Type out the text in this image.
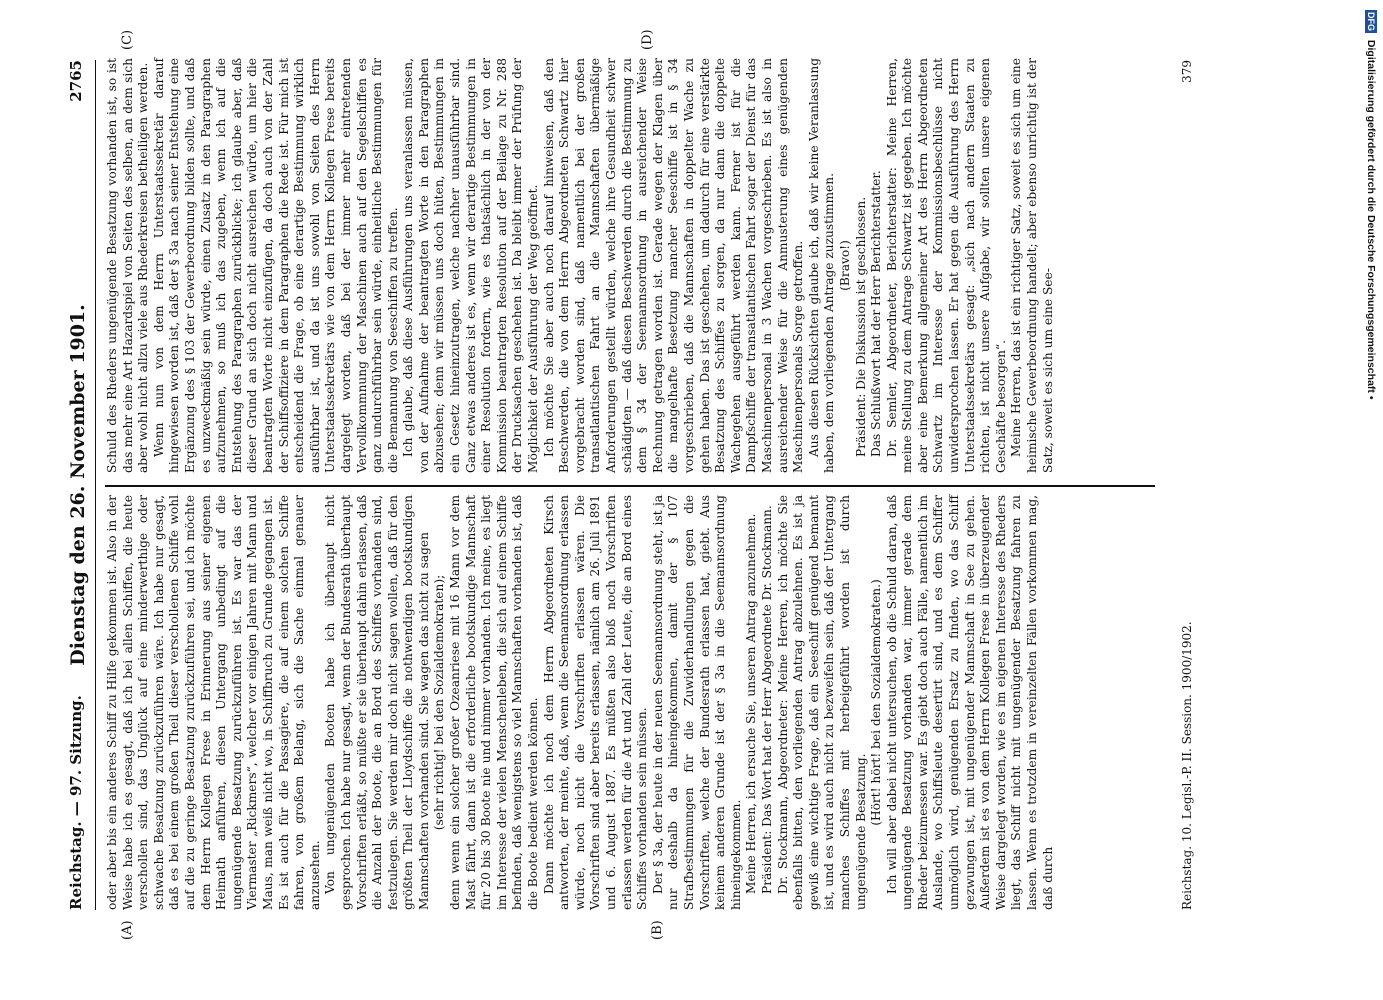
Reichstag. — 97. Sitzung.
Dienstag den 26. November 1901.
2765
(A)	(B)
(C)	(D)

oder aber bis ein anderes Schiff zu Hilfe gekommen ist. Also in der Weise habe ich es gesagt, daß ich bei allen Schiffen, die heute verschollen sind, das Unglück auf eine minderwerthige oder schwache Besatzung zurückzuführen wäre. Ich habe nur gesagt, daß es bei einem großen Theil dieser verschollenen Schiffe wohl auf die zu geringe Besatzung zurückzuführen sei, und ich möchte dem Herrn Kollegen Frese in Erinnerung aus seiner eigenen Heimath anführen, diesen Untergang unbedingt auf die ungenügende Besatzung zurückzuführen ist. Es war das der Viermaster „Rickmers“, welcher vor einigen Jahren mit Mann und Maus, man weiß nicht wo, in Schiffbruch zu Grunde gegangen ist. Es ist auch für die Passagiere, die auf einem solchen Schiffe fahren, von großem Belang, sich die Sache einmal genauer anzusehen. Von ungenügenden Booten habe ich überhaupt nicht gesprochen. Ich habe nur gesagt, wenn der Bundesrath überhaupt Vorschriften erläßt, so müßte er sie überhaupt dahin erlassen, daß die Anzahl der Boote, die an Bord des Schiffes vorhanden sind, festzulegen. Sie werden mir doch nicht sagen wollen, daß für den größten Theil der Lloydschiffe die nothwendigen bootskundigen Mannschaften vorhanden sind. Sie wagen das nicht zu sagen (sehr richtig! bei den Sozialdemokraten); denn wenn ein solcher großer Ozeanriese mit 16 Mann vor dem Mast fährt, dann ist die erforderliche bootskundige Mannschaft für 20 bis 30 Boote nie und nimmer vorhanden. Ich meine, es liegt im Interesse der vielen Menschenleben, die sich auf einem Schiffe befinden, daß wenigstens so viel Mannschaften vorhanden ist, daß die Boote bedient werden können. Dann möchte ich noch dem Herrn Abgeordneten Kirsch antworten, der meinte, daß, wenn die Seemannsordnung erlassen würde, noch nicht die Vorschriften erlassen wären. Die Vorschriften sind aber bereits erlassen, nämlich am 26. Juli 1891 und 6. August 1887. Es müßten also bloß noch Vorschriften erlassen werden für die Art und Zahl der Leute, die an Bord eines Schiffes vorhanden sein müssen. Der § 3a, der heute in der neuen Seemannsordnung steht, ist ja nur deshalb da hineingekommen, damit der § 107 Strafbestimmungen für die Zuwiderhandlungen gegen die Vorschriften, welche der Bundesrath erlassen hat, giebt. Aus keinem anderen Grunde ist der § 3a in die Seemannsordnung hineingekommen. Meine Herren, ich ersuche Sie, unseren Antrag anzunehmen. Präsident: Das Wort hat der Herr Abgeordnete Dr. Stockmann. Dr. Stockmann, Abgeordneter: Meine Herren, ich möchte Sie ebenfalls bitten, den vorliegenden Antrag abzulehnen. Es ist ja gewiß eine wichtige Frage, daß ein Seeschiff genügend bemannt ist, und es wird auch nicht zu bezweifeln sein, daß der Untergang manches Schiffes mit herbeigeführt worden ist durch ungenügende Besatzung.

(Hört! hört! bei den Sozialdemokraten.) Ich will aber dabei nicht untersuchen, ob die Schuld daran, daß ungenügende Besatzung vorhanden war, immer gerade dem Rheder beizumessen war. Es giebt doch auch Fälle, namentlich im Auslande, wo Schiffsleute desertirt sind, und es dem Schiffer unmöglich wird, genügenden Ersatz zu finden, wo das Schiff gezwungen ist, mit ungenügender Mannschaft in See zu gehen. Außerdem ist es von dem Herrn Kollegen Frese in überzeugender Weise dargelegt worden, wie es im eigenen Interesse des Rheders liegt, das Schiff nicht mit ungenügender Besatzung fahren zu lassen. Wenn es trotzdem in vereinzelten Fällen vorkommen mag, daß durch

Schuld des Rheders ungenügende Besatzung vorhanden ist, so ist das mehr eine Art Hazardspiel von Seiten des selben, an dem sich aber wohl nicht allzu viele aus Rhederkreisen betheiligen werden. Wenn nun von dem Herrn Unterstaatssekretär darauf hingewiesen worden ist, daß der § 3a nach seiner Entstehung eine Ergänzung des § 103 der Gewerbeordnung bilden sollte, und daß es unzweckmäßig sein würde, einen Zusatz in den Paragraphen aufzunehmen, so muß ich das zugeben, wenn ich auf die Entstehung des Paragraphen zurückblicke; ich glaube aber, daß dieser Grund an sich doch nicht ausreichen würde, um hier die beantragten Worte nicht einzufügen, da doch auch von der Zahl der Schiffsoffiziere in dem Paragraphen die Rede ist. Für mich ist entscheidend die Frage, ob eine derartige Bestimmung wirklich ausführbar ist, und da ist uns sowohl von Seiten des Herrn Unterstaatssekretärs wie von dem Herrn Kollegen Frese bereits dargelegt worden, daß bei der immer mehr eintretenden Vervollkommnung der Maschinen auch auf den Segelschiffen es ganz undurchführbar sein würde, einheitliche Bestimmungen für die Bemannung von Seeschiffen zu treffen. Ich glaube, daß diese Ausführungen uns veranlassen müssen, von der Aufnahme der beantragten Worte in den Paragraphen abzusehen; denn wir müssen uns doch hüten, Bestimmungen in ein Gesetz hineinzutragen, welche nachher unausführbar sind. Ganz etwas anderes ist es, wenn wir derartige Bestimmungen in einer Resolution fordern, wie es thatsächlich in der von der Kommission beantragten Resolution auf der Beilage zu Nr. 288 der Drucksachen geschehen ist. Da bleibt immer der Prüfung der Möglichkeit der Ausführung der Weg geöffnet. Ich möchte Sie aber auch noch darauf hinweisen, daß den Beschwerden, die von dem Herrn Abgeordneten Schwartz hier vorgebracht worden sind, daß namentlich bei der großen transatlantischen Fahrt an die Mannschaften übermäßige Anforderungen gestellt würden, welche ihre Gesundheit schwer schädigten — daß diesen Beschwerden durch die Bestimmung zu dem § 34 der Seemannsordnung in ausreichender Weise Rechnung getragen worden ist. Gerade wegen der Klagen über die mangelhafte Besetzung mancher Seeschiffe ist in § 34 vorgeschrieben, daß die Mannschaften in doppelter Wache zu gehen haben. Das ist geschehen, um dadurch für eine verstärkte Besatzung des Schiffes zu sorgen, da nur dann die doppelte Wachegehen ausgeführt werden kann. Ferner ist für die Dampfschiffe der transatlantischen Fahrt sogar der Dienst für das Maschinenpersonal in 3 Wachen vorgeschrieben. Es ist also in ausreichender Weise für die Anmusterung eines genügenden Maschinenpersonals Sorge getroffen. Aus diesen Rücksichten glaube ich, daß wir keine Veranlassung haben, dem vorliegenden Antrage zuzustimmen. (Bravo!) Präsident: Die Diskussion ist geschlossen. Das Schlußwort hat der Herr Berichterstatter. Dr. Semler, Abgeordneter, Berichterstatter: Meine Herren, meine Stellung zu dem Antrage Schwartz ist gegeben. Ich möchte aber eine Bemerkung allgemeiner Art des Herrn Abgeordneten Schwartz im Interesse der Kommissionsbeschlüsse nicht unwidersprochen lassen. Er hat gegen die Ausführung des Herrn Unterstaatssekretärs gesagt: „sich nach andern Staaten zu richten, ist nicht unsere Aufgabe, wir sollten unsere eigenen Geschäfte besorgen“. Meine Herren, das ist ein richtiger Satz, soweit es sich um eine heimische Gewerbeordnung handelt; aber ebenso unrichtig ist der Satz, soweit es sich um eine See-

Reichstag. 10. Legisl.-P. II. Session. 1900/1902.
379
DFG Digitalisierung gefördert durch die Deutsche Forschungsgemeinschaft •
